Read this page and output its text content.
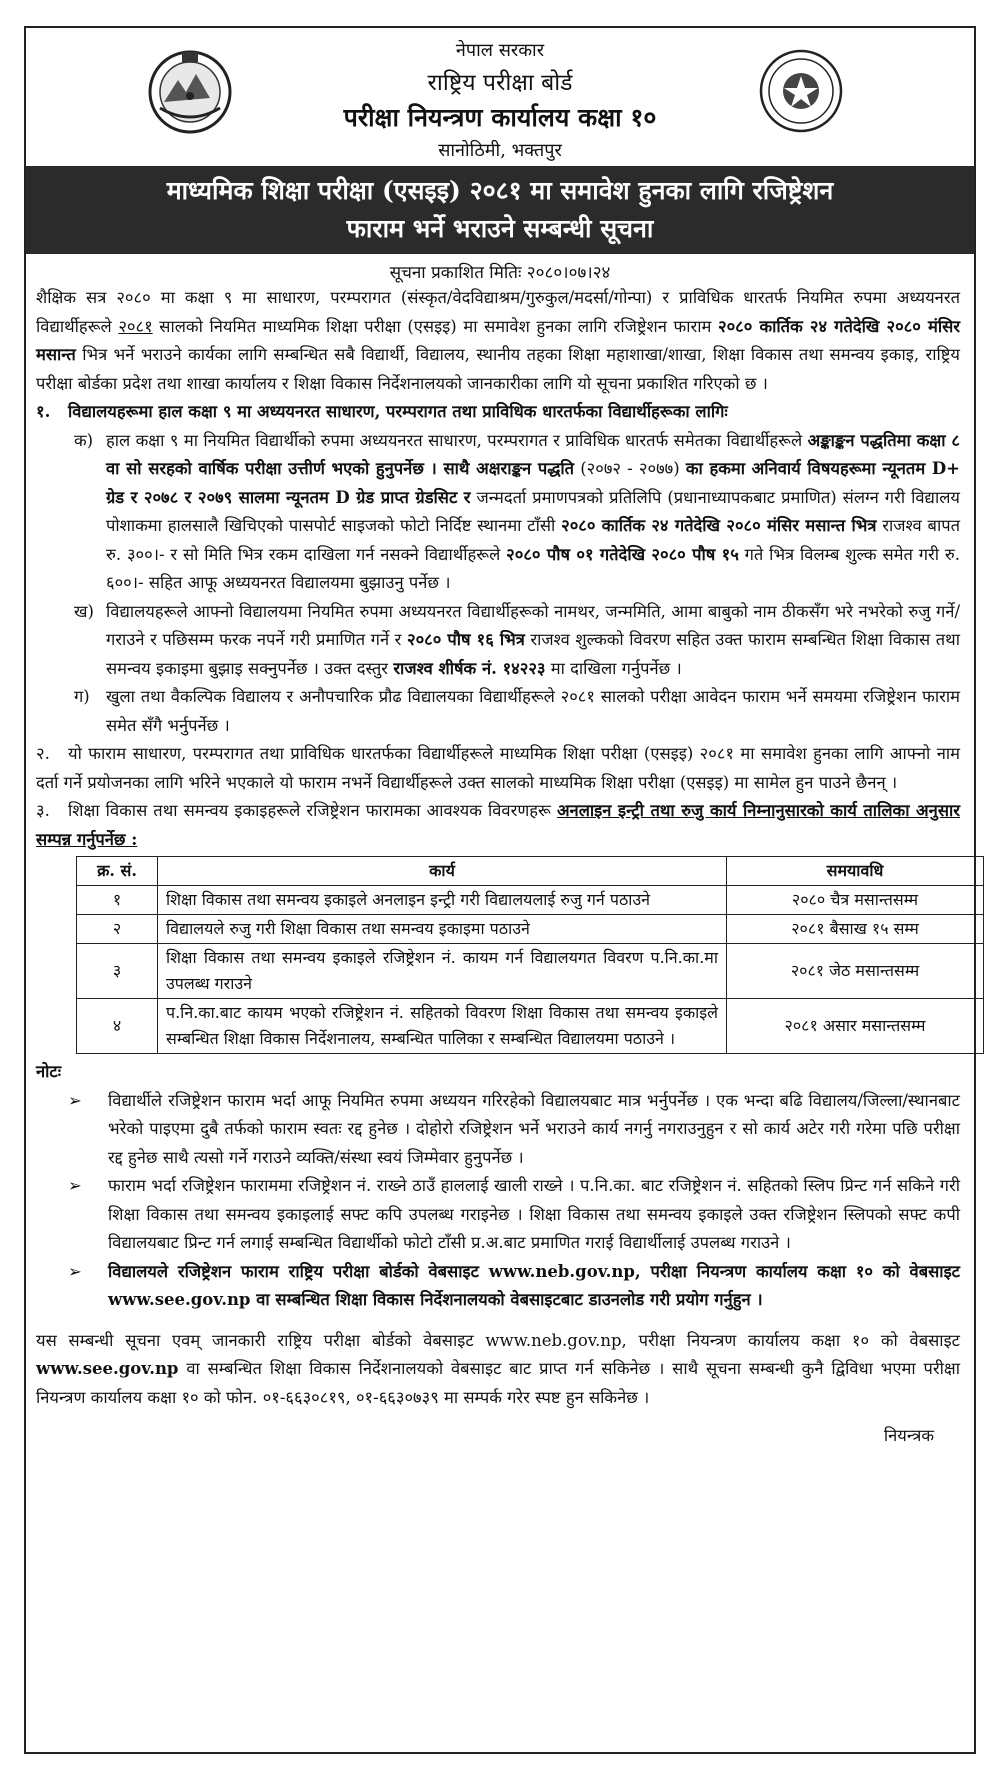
नेपाल सरकार
राष्ट्रिय परीक्षा बोर्ड
परीक्षा नियन्त्रण कार्यालय कक्षा १०
सानोठिमी, भक्तपुर
माध्यमिक शिक्षा परीक्षा (एसइइ) २०८१ मा समावेश हुनका लागि रजिष्ट्रेशन
फाराम भर्ने भराउने सम्बन्धी सूचना
सूचना प्रकाशित मितिः २०८०।०७।२४

शैक्षिक सत्र २०८० मा कक्षा ९ मा साधारण, परम्परागत (संस्कृत/वेदविद्याश्रम/गुरुकुल/मदर्सा/गोन्पा) र प्राविधिक धारतर्फ नियमित रुपमा अध्ययनरत विद्यार्थीहरूले २०८१ सालको नियमित माध्यमिक शिक्षा परीक्षा (एसइइ) मा समावेश हुनका लागि रजिष्ट्रेशन फाराम २०८० कार्तिक २४ गतेदेखि २०८० मंसिर मसान्त भित्र भर्ने भराउने कार्यका लागि सम्बन्धित सबै विद्यार्थी, विद्यालय, स्थानीय तहका शिक्षा महाशाखा/शाखा, शिक्षा विकास तथा समन्वय इकाइ, राष्ट्रिय परीक्षा बोर्डका प्रदेश तथा शाखा कार्यालय र शिक्षा विकास निर्देशनालयको जानकारीका लागि यो सूचना प्रकाशित गरिएको छ ।

१. विद्यालयहरूमा हाल कक्षा ९ मा अध्ययनरत साधारण, परम्परागत तथा प्राविधिक धारतर्फका विद्यार्थीहरूका लागिः

क) हाल कक्षा ९ मा नियमित विद्यार्थीको रुपमा अध्ययनरत साधारण, परम्परागत र प्राविधिक धारतर्फ समेतका विद्यार्थीहरूले अङ्काङ्कन पद्धतिमा कक्षा ८ वा सो सरहको वार्षिक परीक्षा उत्तीर्ण भएको हुनुपर्नेछ । साथै अक्षराङ्कन पद्धति (२०७२ - २०७७) का हकमा अनिवार्य विषयहरूमा न्यूनतम D+ ग्रेड र २०७८ र २०७९ सालमा न्यूनतम D ग्रेड प्राप्त ग्रेडसिट र जन्मदर्ता प्रमाणपत्रको प्रतिलिपि (प्रधानाध्यापकबाट प्रमाणित) संलग्न गरी विद्यालय पोशाकमा हालसालै खिचिएको पासपोर्ट साइजको फोटो निर्दिष्ट स्थानमा टाँसी २०८० कार्तिक २४ गतेदेखि २०८० मंसिर मसान्त भित्र राजश्व बापत रु. ३००।- र सो मिति भित्र रकम दाखिला गर्न नसक्ने विद्यार्थीहरूले २०८० पौष ०१ गतेदेखि २०८० पौष १५ गते भित्र विलम्ब शुल्क समेत गरी रु. ६००।- सहित आफू अध्ययनरत विद्यालयमा बुझाउनु पर्नेछ ।

ख) विद्यालयहरूले आफ्नो विद्यालयमा नियमित रुपमा अध्ययनरत विद्यार्थीहरूको नामथर, जन्ममिति, आमा बाबुको नाम ठीकसँग भरे नभरेको रुजु गर्ने/गराउने र पछिसम्म फरक नपर्ने गरी प्रमाणित गर्ने र २०८० पौष १६ भित्र राजश्व शुल्कको विवरण सहित उक्त फाराम सम्बन्धित शिक्षा विकास तथा समन्वय इकाइमा बुझाइ सक्नुपर्नेछ । उक्त दस्तुर राजश्व शीर्षक नं. १४२२३ मा दाखिला गर्नुपर्नेछ ।

ग) खुला तथा वैकल्पिक विद्यालय र अनौपचारिक प्रौढ विद्यालयका विद्यार्थीहरूले २०८१ सालको परीक्षा आवेदन फाराम भर्ने समयमा रजिष्ट्रेशन फाराम समेत सँगै भर्नुपर्नेछ ।

२. यो फाराम साधारण, परम्परागत तथा प्राविधिक धारतर्फका विद्यार्थीहरूले माध्यमिक शिक्षा परीक्षा (एसइइ) २०८१ मा समावेश हुनका लागि आफ्नो नाम दर्ता गर्ने प्रयोजनका लागि भरिने भएकाले यो फाराम नभर्ने विद्यार्थीहरूले उक्त सालको माध्यमिक शिक्षा परीक्षा (एसइइ) मा सामेल हुन पाउने छैनन् ।

३. शिक्षा विकास तथा समन्वय इकाइहरूले रजिष्ट्रेशन फारामका आवश्यक विवरणहरू अनलाइन इन्ट्री तथा रुजु कार्य निम्नानुसारको कार्य तालिका अनुसार सम्पन्न गर्नुपर्नेछ :

क्र. सं.	कार्य	समयावधि
१	शिक्षा विकास तथा समन्वय इकाइले अनलाइन इन्ट्री गरी विद्यालयलाई रुजु गर्न पठाउने	२०८० चैत्र मसान्तसम्म
२	विद्यालयले रुजु गरी शिक्षा विकास तथा समन्वय इकाइमा पठाउने	२०८१ बैसाख १५ सम्म
३	शिक्षा विकास तथा समन्वय इकाइले रजिष्ट्रेशन नं. कायम गर्न विद्यालयगत विवरण प.नि.का.मा उपलब्ध गराउने	२०८१ जेठ मसान्तसम्म
४	प.नि.का.बाट कायम भएको रजिष्ट्रेशन नं. सहितको विवरण शिक्षा विकास तथा समन्वय इकाइले सम्बन्धित शिक्षा विकास निर्देशनालय, सम्बन्धित पालिका र सम्बन्धित विद्यालयमा पठाउने ।	२०८१ असार मसान्तसम्म
नोटः

➢ विद्यार्थीले रजिष्ट्रेशन फाराम भर्दा आफू नियमित रुपमा अध्ययन गरिरहेको विद्यालयबाट मात्र भर्नुपर्नेछ । एक भन्दा बढि विद्यालय/जिल्ला/स्थानबाट भरेको पाइएमा दुबै तर्फको फाराम स्वतः रद्द हुनेछ । दोहोरो रजिष्ट्रेशन भर्ने भराउने कार्य नगर्नु नगराउनुहुन र सो कार्य अटेर गरी गरेमा पछि परीक्षा रद्द हुनेछ साथै त्यसो गर्ने गराउने व्यक्ति/संस्था स्वयं जिम्मेवार हुनुपर्नेछ ।

➢ फाराम भर्दा रजिष्ट्रेशन फाराममा रजिष्ट्रेशन नं. राख्ने ठाउँ हाललाई खाली राख्ने । प.नि.का. बाट रजिष्ट्रेशन नं. सहितको स्लिप प्रिन्ट गर्न सकिने गरी शिक्षा विकास तथा समन्वय इकाइलाई सफ्ट कपि उपलब्ध गराइनेछ । शिक्षा विकास तथा समन्वय इकाइले उक्त रजिष्ट्रेशन स्लिपको सफ्ट कपी विद्यालयबाट प्रिन्ट गर्न लगाई सम्बन्धित विद्यार्थीको फोटो टाँसी प्र.अ.बाट प्रमाणित गराई विद्यार्थीलाई उपलब्ध गराउने ।

➢ विद्यालयले रजिष्ट्रेशन फाराम राष्ट्रिय परीक्षा बोर्डको वेबसाइट www.neb.gov.np, परीक्षा नियन्त्रण कार्यालय कक्षा १० को वेबसाइट www.see.gov.np वा सम्बन्धित शिक्षा विकास निर्देशनालयको वेबसाइटबाट डाउनलोड गरी प्रयोग गर्नुहुन ।

यस सम्बन्धी सूचना एवम् जानकारी राष्ट्रिय परीक्षा बोर्डको वेबसाइट www.neb.gov.np, परीक्षा नियन्त्रण कार्यालय कक्षा १० को वेबसाइट www.see.gov.np वा सम्बन्धित शिक्षा विकास निर्देशनालयको वेबसाइट बाट प्राप्त गर्न सकिनेछ । साथै सूचना सम्बन्धी कुनै द्विविधा भएमा परीक्षा नियन्त्रण कार्यालय कक्षा १० को फोन. ०१-६६३०८१९, ०१-६६३०७३९ मा सम्पर्क गरेर स्पष्ट हुन सकिनेछ ।

नियन्त्रक
